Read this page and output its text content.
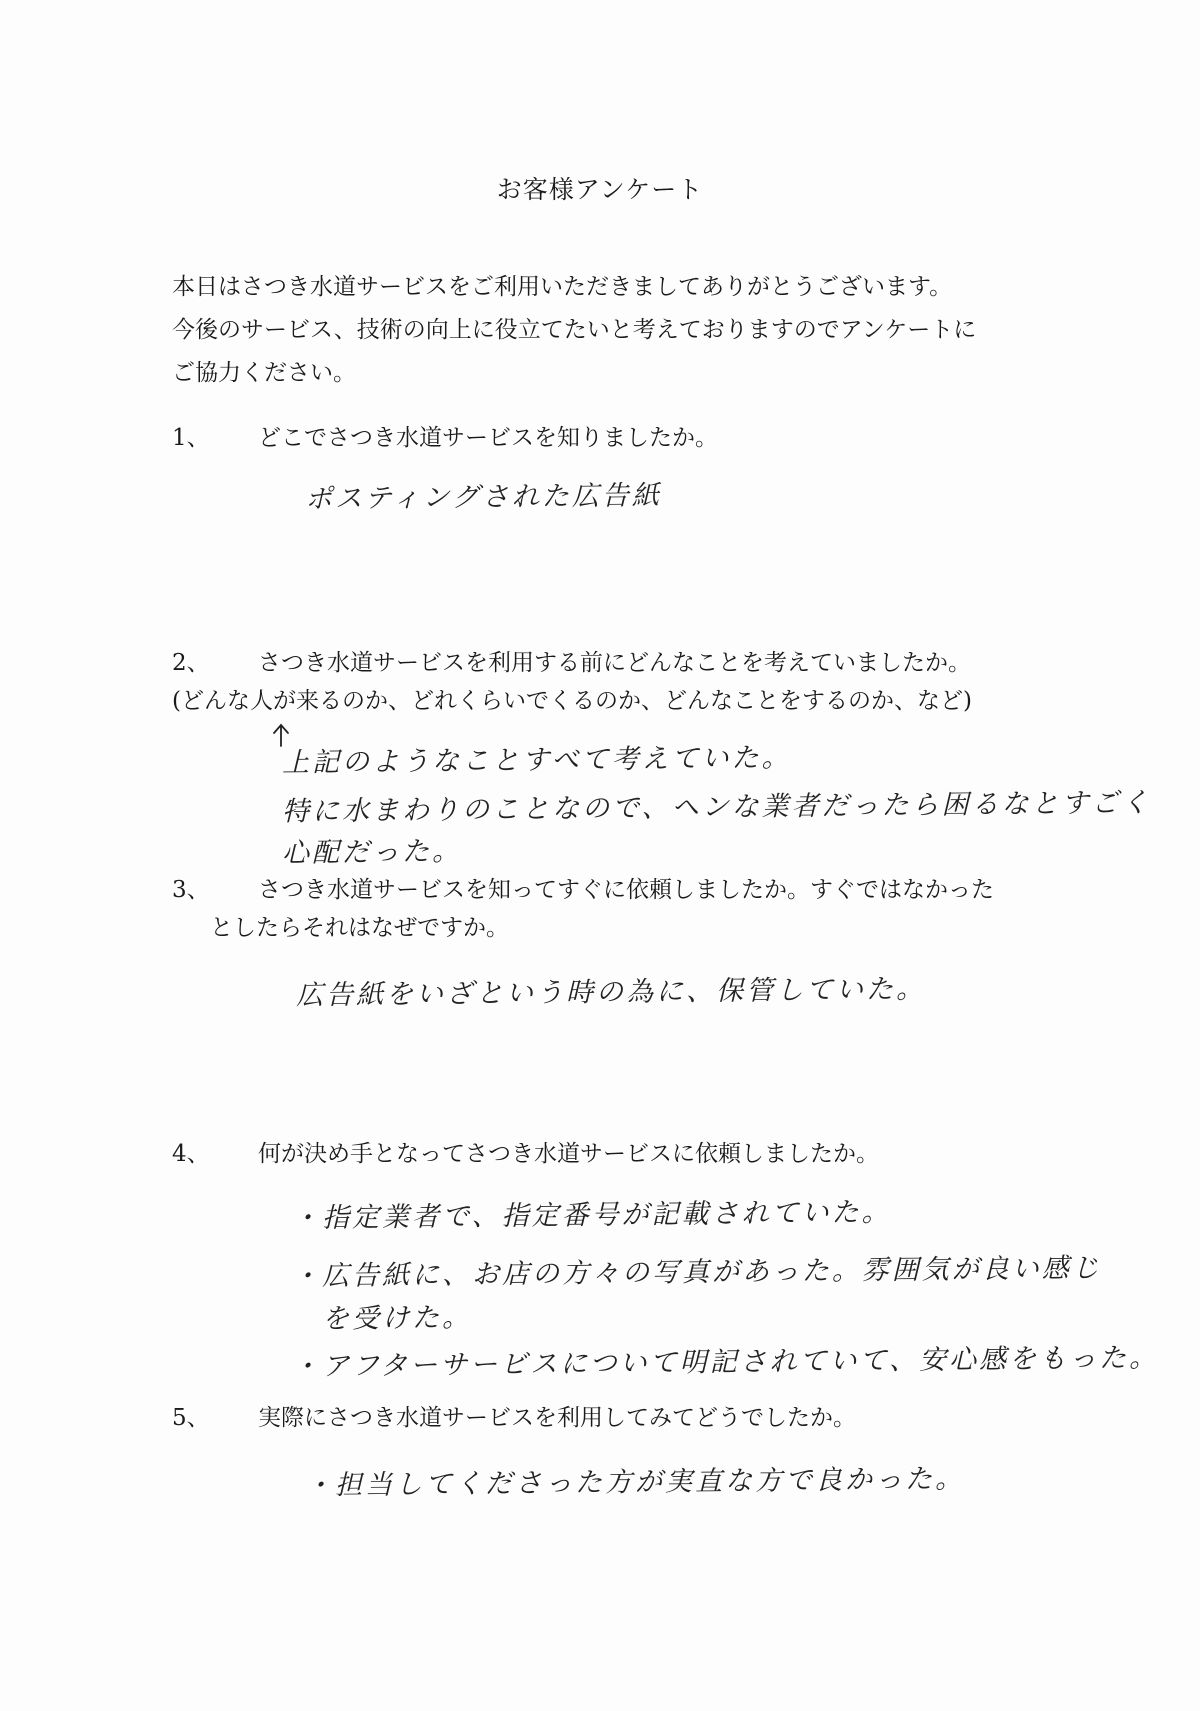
お客様アンケート
本日はさつき水道サービスをご利用いただきましてありがとうございます。
今後のサービス、技術の向上に役立てたいと考えておりますのでアンケートに
ご協力ください。
1、 どこでさつき水道サービスを知りましたか。
ポスティングされた広告紙
2、 さつき水道サービスを利用する前にどんなことを考えていましたか。
(どんな人が来るのか、どれくらいでくるのか、どんなことをするのか、など)
上記のようなことすべて考えていた。
特に水まわりのことなので、ヘンな業者だったら困るなとすごく
心配だった。
3、 さつき水道サービスを知ってすぐに依頼しましたか。すぐではなかった
としたらそれはなぜですか。
広告紙をいざという時の為に、保管していた。
4、 何が決め手となってさつき水道サービスに依頼しましたか。
・指定業者で、指定番号が記載されていた。
・広告紙に、お店の方々の写真があった。雰囲気が良い感じ
を受けた。
・アフターサービスについて明記されていて、安心感をもった。
5、 実際にさつき水道サービスを利用してみてどうでしたか。
・担当してくださった方が実直な方で良かった。
